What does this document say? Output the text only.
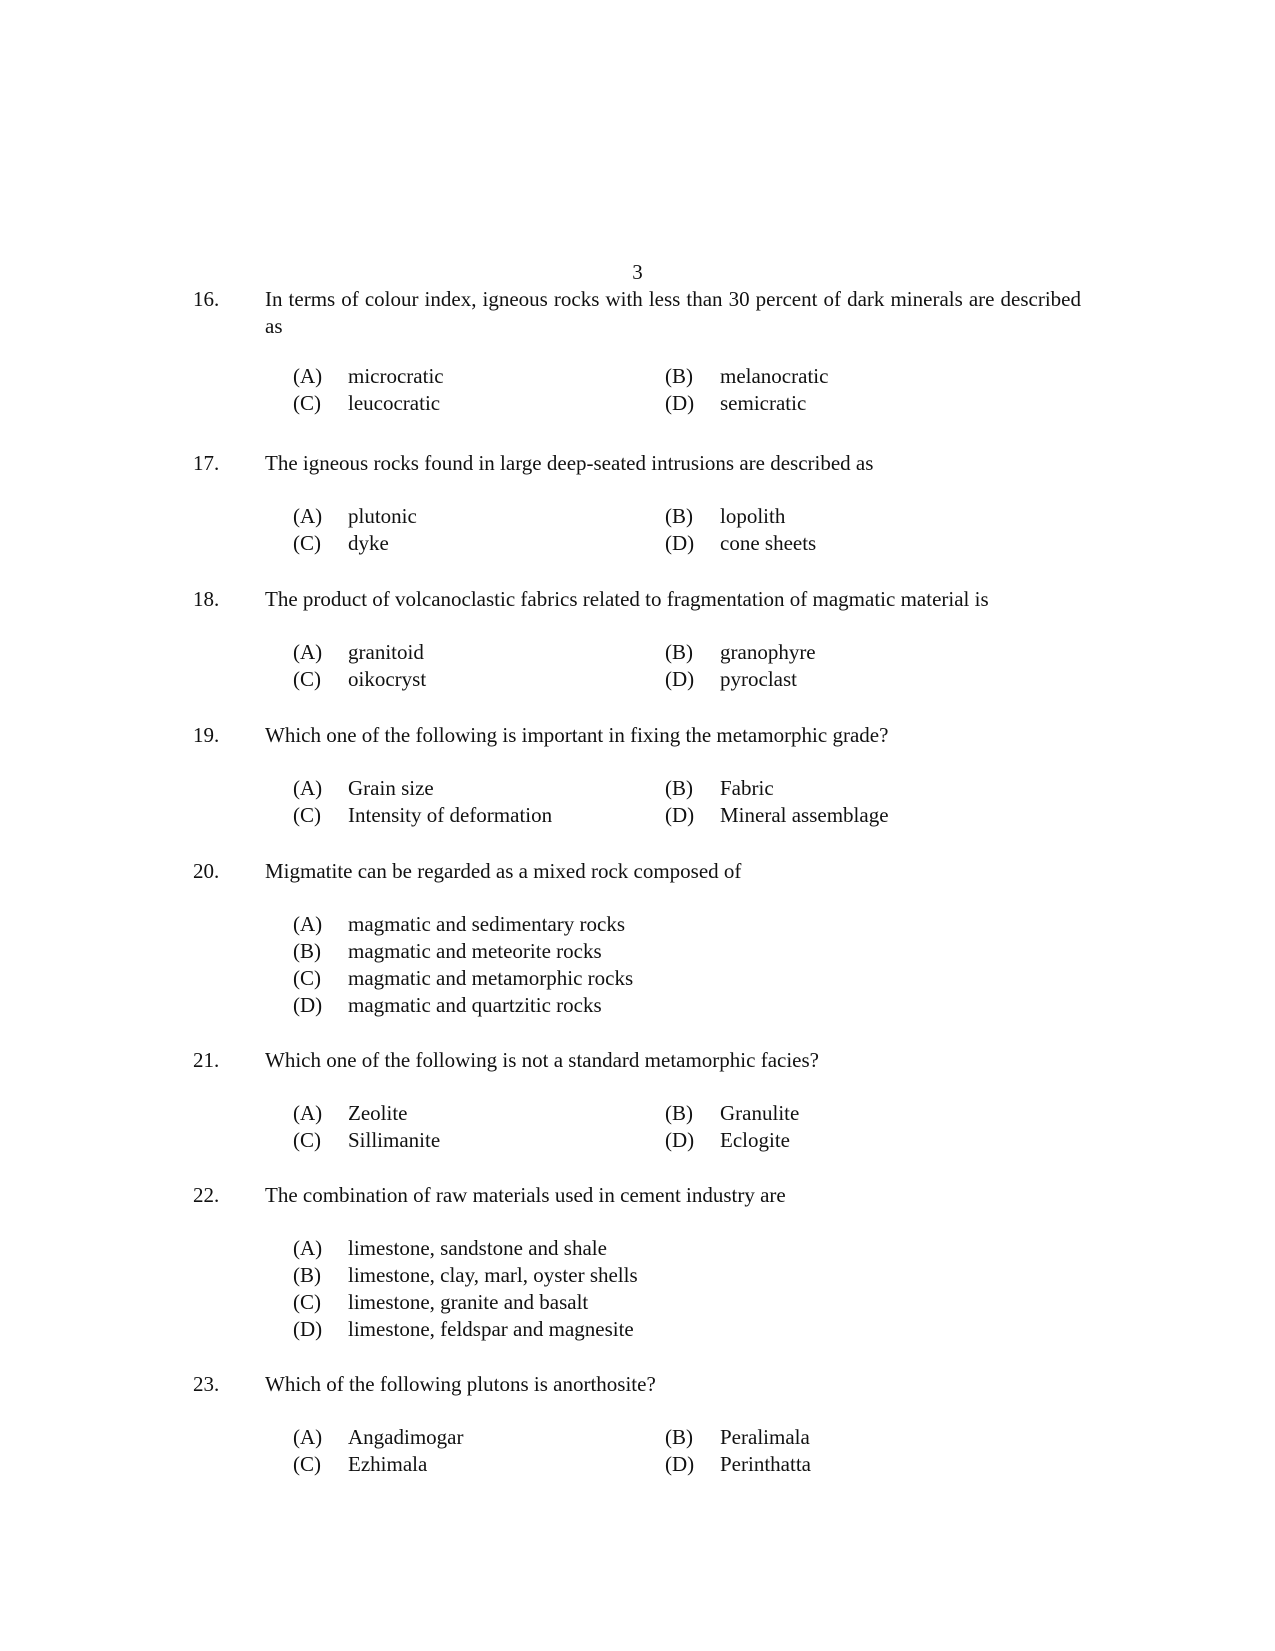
3
16. In terms of colour index, igneous rocks with less than 30 percent of dark minerals are described as
(A) microcratic	(B) melanocratic
(C) leucocratic	(D) semicratic
17. The igneous rocks found in large deep-seated intrusions are described as
(A) plutonic	(B) lopolith
(C) dyke	(D) cone sheets
18. The product of volcanoclastic fabrics related to fragmentation of magmatic material is
(A) granitoid	(B) granophyre
(C) oikocryst	(D) pyroclast
19. Which one of the following is important in fixing the metamorphic grade?
(A) Grain size	(B) Fabric
(C) Intensity of deformation	(D) Mineral assemblage
20. Migmatite can be regarded as a mixed rock composed of
(A) magmatic and sedimentary rocks
(B) magmatic and meteorite rocks
(C) magmatic and metamorphic rocks
(D) magmatic and quartzitic rocks
21. Which one of the following is not a standard metamorphic facies?
(A) Zeolite	(B) Granulite
(C) Sillimanite	(D) Eclogite
22. The combination of raw materials used in cement industry are
(A) limestone, sandstone and shale
(B) limestone, clay, marl, oyster shells
(C) limestone, granite and basalt
(D) limestone, feldspar and magnesite
23. Which of the following plutons is anorthosite?
(A) Angadimogar	(B) Peralimala
(C) Ezhimala	(D) Perinthatta
